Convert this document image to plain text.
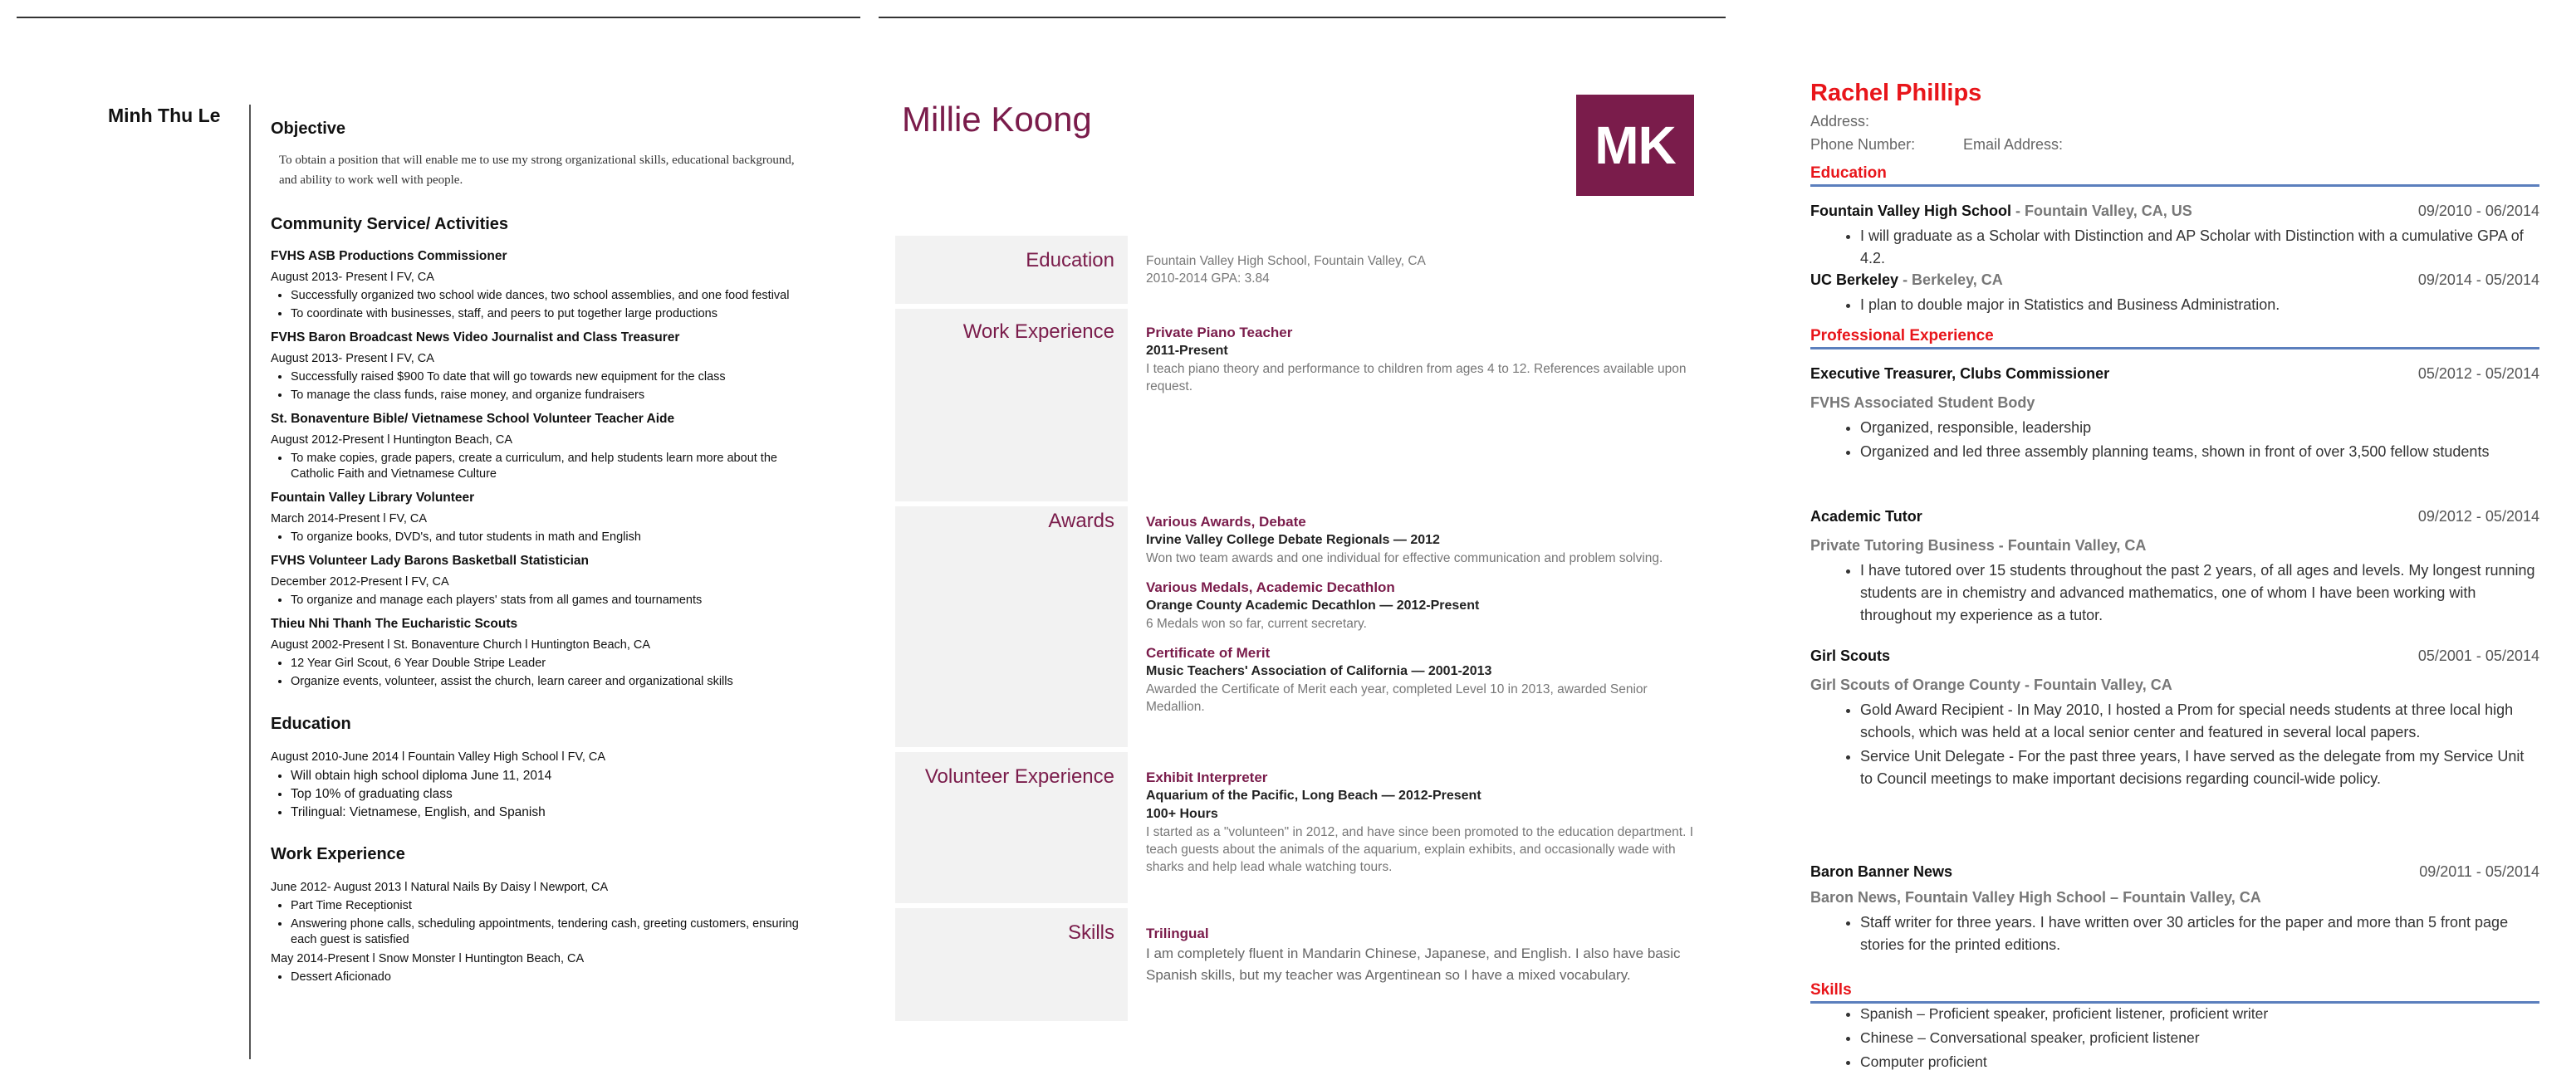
Minh Thu Le
Objective
To obtain a position that will enable me to use my strong organizational skills, educational background, and ability to work well with people.
Community Service/ Activities
FVHS ASB Productions Commissioner
August 2013- Present l FV, CA
• Successfully organized two school wide dances, two school assemblies, and one food festival
• To coordinate with businesses, staff, and peers to put together large productions
FVHS Baron Broadcast News Video Journalist and Class Treasurer
August 2013- Present l FV, CA
• Successfully raised $900 To date that will go towards new equipment for the class
• To manage the class funds, raise money, and organize fundraisers
St. Bonaventure Bible/ Vietnamese School Volunteer Teacher Aide
August 2012-Present l Huntington Beach, CA
• To make copies, grade papers, create a curriculum, and help students learn more about the Catholic Faith and Vietnamese Culture
Fountain Valley Library Volunteer
March 2014-Present l FV, CA
• To organize books, DVD's, and tutor students in math and English
FVHS Volunteer Lady Barons Basketball Statistician
December 2012-Present l FV, CA
• To organize and manage each players' stats from all games and tournaments
Thieu Nhi Thanh The Eucharistic Scouts
August 2002-Present l St. Bonaventure Church l Huntington Beach, CA
• 12 Year Girl Scout, 6 Year Double Stripe Leader
• Organize events, volunteer, assist the church, learn career and organizational skills
Education
August 2010-June 2014 l Fountain Valley High School l FV, CA
• Will obtain high school diploma June 11, 2014
• Top 10% of graduating class
• Trilingual: Vietnamese, English, and Spanish
Work Experience
June 2012- August 2013 l Natural Nails By Daisy l Newport, CA
• Part Time Receptionist
• Answering phone calls, scheduling appointments, tendering cash, greeting customers, ensuring each guest is satisfied
May 2014-Present l Snow Monster l Huntington Beach, CA
• Dessert Aficionado
Millie Koong	MK
Education Fountain Valley High School, Fountain Valley, CA
2010-2014 GPA: 3.84
Work Experience Private Piano Teacher
2011-Present
I teach piano theory and performance to children from ages 4 to 12. References available upon request.
Awards Various Awards, Debate
Irvine Valley College Debate Regionals — 2012
Won two team awards and one individual for effective communication and problem solving.
Various Medals, Academic Decathlon
Orange County Academic Decathlon — 2012-Present
6 Medals won so far, current secretary.
Certificate of Merit
Music Teachers' Association of California — 2001-2013
Awarded the Certificate of Merit each year, completed Level 10 in 2013, awarded Senior Medallion.
Volunteer Experience Exhibit Interpreter
Aquarium of the Pacific, Long Beach — 2012-Present
100+ Hours
I started as a "volunteen" in 2012, and have since been promoted to the education department. I teach guests about the animals of the aquarium, explain exhibits, and occasionally wade with sharks and help lead whale watching tours.
Skills Trilingual
I am completely fluent in Mandarin Chinese, Japanese, and English. I also have basic Spanish skills, but my teacher was Argentinean so I have a mixed vocabulary.
Rachel Phillips
Address:
Phone Number:	Email Address:
Education
Fountain Valley High School - Fountain Valley, CA, US	09/2010 - 06/2014
• I will graduate as a Scholar with Distinction and AP Scholar with Distinction with a cumulative GPA of 4.2.
UC Berkeley - Berkeley, CA	09/2014 - 05/2014
• I plan to double major in Statistics and Business Administration.
Professional Experience
Executive Treasurer, Clubs Commissioner	05/2012 - 05/2014
FVHS Associated Student Body
• Organized, responsible, leadership
• Organized and led three assembly planning teams, shown in front of over 3,500 fellow students
Academic Tutor	09/2012 - 05/2014
Private Tutoring Business - Fountain Valley, CA
• I have tutored over 15 students throughout the past 2 years, of all ages and levels. My longest running students are in chemistry and advanced mathematics, one of whom I have been working with throughout my experience as a tutor.
Girl Scouts	05/2001 - 05/2014
Girl Scouts of Orange County - Fountain Valley, CA
• Gold Award Recipient - In May 2010, I hosted a Prom for special needs students at three local high schools, which was held at a local senior center and featured in several local papers.
• Service Unit Delegate - For the past three years, I have served as the delegate from my Service Unit to Council meetings to make important decisions regarding council-wide policy.
Baron Banner News	09/2011 - 05/2014
Baron News, Fountain Valley High School – Fountain Valley, CA
• Staff writer for three years. I have written over 30 articles for the paper and more than 5 front page stories for the printed editions.
Skills
• Spanish – Proficient speaker, proficient listener, proficient writer
• Chinese – Conversational speaker, proficient listener
• Computer proficient
